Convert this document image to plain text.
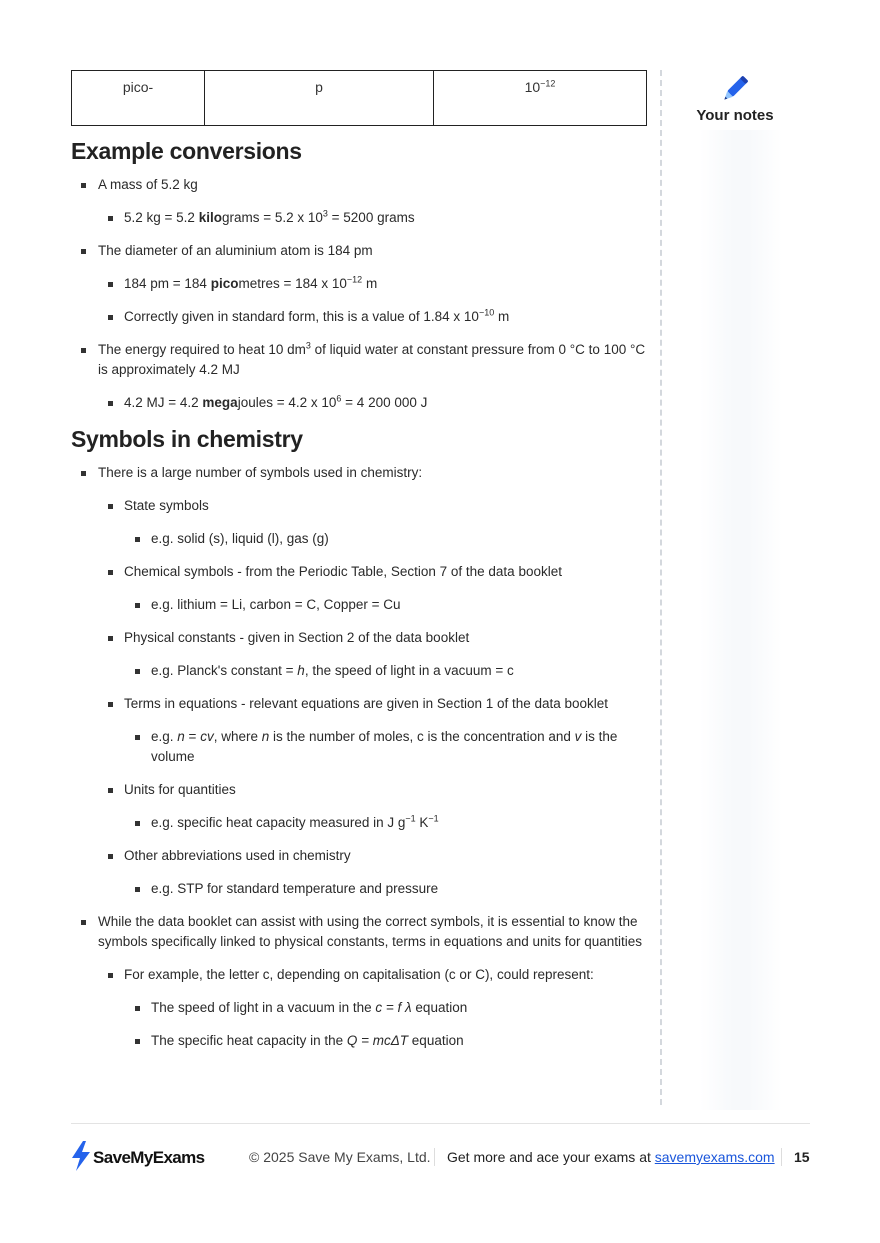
pico-	p	$10^{-12}$
Example conversions
A mass of 5.2 kg
5.2 kg = 5.2 kilograms = 5.2 x $10^3 = 5200$ grams
The diameter of an aluminium atom is 184 pm
184 pm = 184 picometres = 184 x $10^{-12}$ m
Correctly given in standard form, this is a value of 1.84 x $10^{-10}$ m
The energy required to heat 10 $dm^3$ of liquid water at constant pressure from 0 °C to 100 °C is approximately 4.2 MJ
4.2 MJ = 4.2 megajoules = 4.2 x $10^6 = 4$ 200 000 J
Symbols in chemistry
There is a large number of symbols used in chemistry:
State symbols
e.g. solid (s), liquid (l), gas (g)
Chemical symbols - from the Periodic Table, Section 7 of the data booklet
e.g. lithium = Li, carbon = C, Copper = Cu
Physical constants - given in Section 2 of the data booklet
e.g. Planck's constant = h, the speed of light in a vacuum = c
Terms in equations - relevant equations are given in Section 1 of the data booklet
e.g. n = cv, where n is the number of moles, c is the concentration and v is the volume
Units for quantities
e.g. specific heat capacity measured in J $g^{-1}$ $K^{-1}$
Other abbreviations used in chemistry
e.g. STP for standard temperature and pressure
While the data booklet can assist with using the correct symbols, it is essential to know the symbols specifically linked to physical constants, terms in equations and units for quantities
For example, the letter c, depending on capitalisation (c or C), could represent:
The speed of light in a vacuum in the c = f λ equation
The specific heat capacity in the Q = mcΔT equation
Your notes
SaveMyExams	© 2025 Save My Exams, Ltd. Get more and ace your exams at savemyexams.com 15
